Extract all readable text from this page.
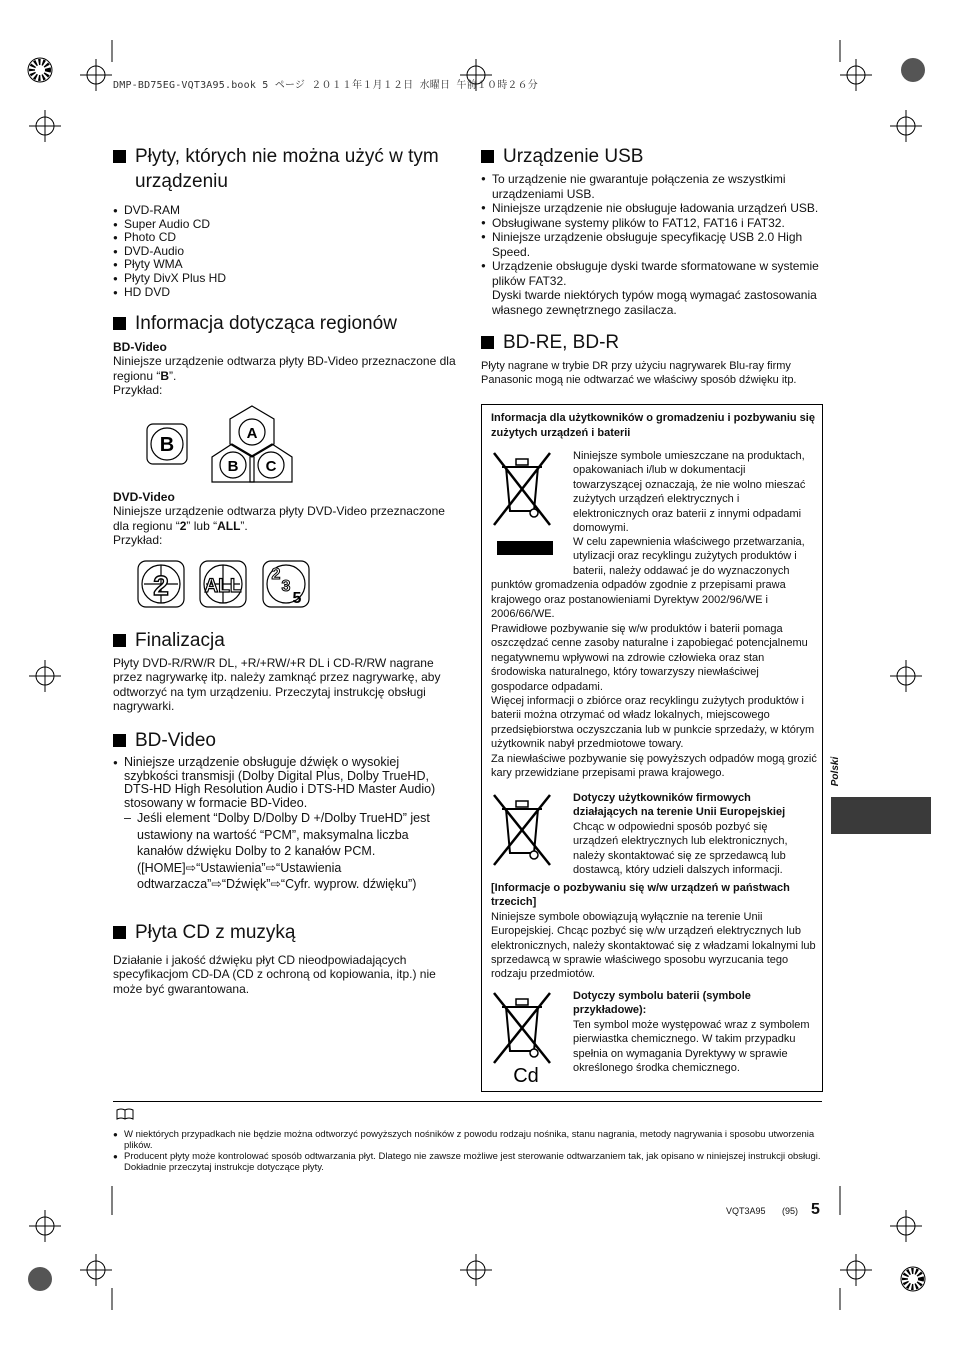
DMP-BD75EG-VQT3A95.book 5 ページ ２０１１年１月１２日 水曜日 午前１０時２６分
Płyty, których nie można użyć w tym urządzeniu
● DVD-RAM
● Super Audio CD
● Photo CD
● DVD-Audio
● Płyty WMA
● Płyty DivX Plus HD
● HD DVD
Informacja dotycząca regionów

BD-Video

Niniejsze urządzenie odtwarza płyty BD-Video przeznaczone dla regionu “B”.

Przykład:

B
A
B C

DVD-Video

Niniejsze urządzenie odtwarza płyty DVD-Video przeznaczone dla regionu “2” lub “ALL”.

Przykład:

2 ALL
2
3
5
Finalizacja

Płyty DVD-R/RW/R DL, +R/+RW/+R DL i CD-R/RW nagrane przez nagrywarkę itp. należy zamknąć przez nagrywarkę, aby odtworzyć na tym urządzeniu. Przeczytaj instrukcję obsługi nagrywarki.

BD-Video
● Niniejsze urządzenie obsługuje dźwięk o wysokiej szybkości transmisji (Dolby Digital Plus, Dolby TrueHD, DTS-HD High Resolution Audio i DTS-HD Master Audio) stosowany w formacie BD-Video.
– Jeśli element “Dolby D/Dolby D +/Dolby TrueHD” jest ustawiony na wartość “PCM”, maksymalna liczba kanałów dźwięku Dolby to 2 kanałów PCM.
([HOME]⇨“Ustawienia”⇨“Ustawienia odtwarzacza”⇨“Dźwięk”⇨“Cyfr. wyprow. dźwięku”)
Płyta CD z muzyką

Działanie i jakość dźwięku płyt CD nieodpowiadających specyfikacjom CD-DA (CD z ochroną od kopiowania, itp.) nie może być gwarantowana.

Urządzenie USB
● To urządzenie nie gwarantuje połączenia ze wszystkimi urządzeniami USB.
● Niniejsze urządzenie nie obsługuje ładowania urządzeń USB.
● Obsługiwane systemy plików to FAT12, FAT16 i FAT32.
● Niniejsze urządzenie obsługuje specyfikację USB 2.0 High Speed.
● Urządzenie obsługuje dyski twarde sformatowane w systemie plików FAT32.

Dyski twarde niektórych typów mogą wymagać zastosowania własnego zewnętrznego zasilacza.

BD-RE, BD-R

Płyty nagrane w trybie DR przy użyciu nagrywarek Blu-ray firmy Panasonic mogą nie odtwarzać we właściwy sposób dźwięku itp.

Informacja dla użytkowników o gromadzeniu i pozbywaniu się zużytych urządzeń i baterii
Niniejsze symbole umieszczane na produktach, opakowaniach i/lub w dokumentacji towarzyszącej oznaczają, że nie wolno mieszać zużytych urządzeń elektrycznych i elektronicznych oraz baterii z innymi odpadami domowymi.
W celu zapewnienia właściwego przetwarzania, utylizacji oraz recyklingu zużytych produktów i baterii, należy oddawać je do wyznaczonych punktów gromadzenia odpadów zgodnie z przepisami prawa krajowego oraz postanowieniami Dyrektyw 2002/96/WE i 2006/66/WE.
Prawidłowe pozbywanie się w/w produktów i baterii pomaga oszczędzać cenne zasoby naturalne i zapobiegać potencjalnemu negatywnemu wpływowi na zdrowie człowieka oraz stan środowiska naturalnego, który towarzyszy niewłaściwej gospodarce odpadami.
Więcej informacji o zbiórce oraz recyklingu zużytych produktów i baterii można otrzymać od władz lokalnych, miejscowego przedsiębiorstwa oczyszczania lub w punkcie sprzedaży, w którym użytkownik nabył przedmiotowe towary.
Za niewłaściwe pozbywanie się powyższych odpadów mogą grozić kary przewidziane przepisami prawa krajowego.
Dotyczy użytkowników firmowych działających na terenie Unii Europejskiej
Chcąc w odpowiedni sposób pozbyć się urządzeń elektrycznych lub elektronicznych, należy skontaktować się ze sprzedawcą lub dostawcą, który udzieli dalszych informacji.
[Informacje o pozbywaniu się w/w urządzeń w państwach trzecich]
Niniejsze symbole obowiązują wyłącznie na terenie Unii Europejskiej. Chcąc pozbyć się w/w urządzeń elektrycznych lub elektronicznych, należy skontaktować się z władzami lokalnymi lub sprzedawcą w sprawie właściwego sposobu wyrzucania tego rodzaju przedmiotów.
Cd
Dotyczy symbolu baterii (symbole przykładowe):
Ten symbol może występować wraz z symbolem pierwiastka chemicznego. W takim przypadku spełnia on wymagania Dyrektywy w sprawie określonego środka chemicznego.
Polski
● W niektórych przypadkach nie będzie można odtworzyć powyższych nośników z powodu rodzaju nośnika, stanu nagrania, metody nagrywania i sposobu utworzenia plików.
● Producent płyty może kontrolować sposób odtwarzania płyt. Dlatego nie zawsze możliwe jest sterowanie odtwarzaniem tak, jak opisano w niniejszej instrukcji obsługi. Dokładnie przeczytaj instrukcje dotyczące płyty.
VQT3A95 (95) 5
